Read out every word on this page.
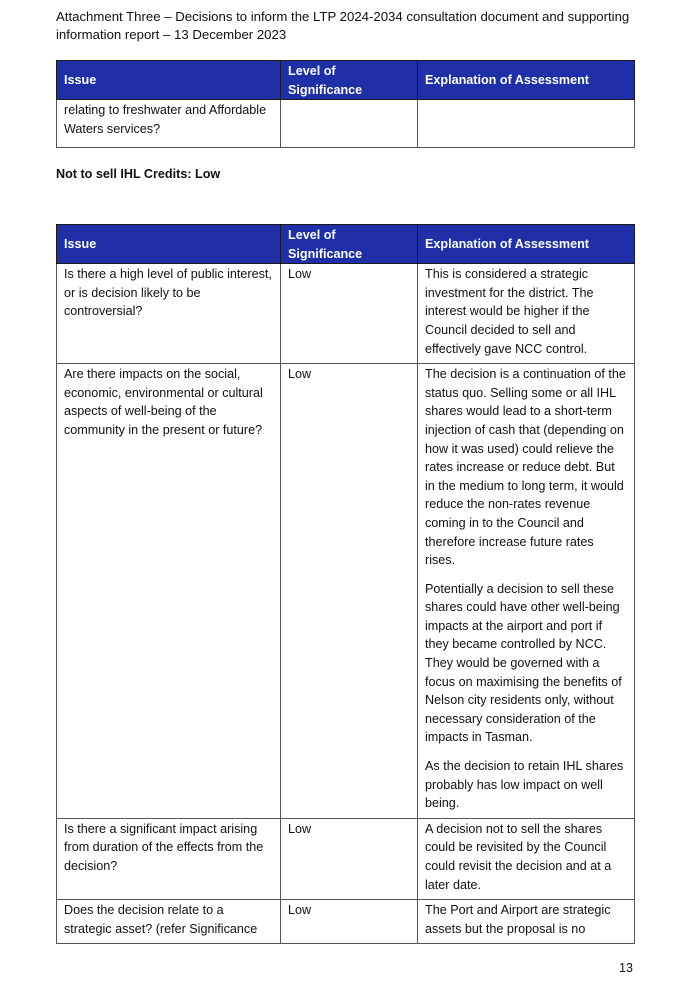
Attachment Three – Decisions to inform the LTP 2024-2034 consultation document and supporting information report – 13 December 2023
Issue	Level of Significance	Explanation of Assessment
relating to freshwater and Affordable Waters services?		
Not to sell IHL Credits: Low
Issue	Level of Significance	Explanation of Assessment
Is there a high level of public interest, or is decision likely to be controversial?	Low	This is considered a strategic investment for the district. The interest would be higher if the Council decided to sell and effectively gave NCC control.

Are there impacts on the social, economic, environmental or cultural aspects of well-being of the community in the present or future?	Low	The decision is a continuation of the status quo. Selling some or all IHL shares would lead to a short-term injection of cash that (depending on how it was used) could relieve the rates increase or reduce debt. But in the medium to long term, it would reduce the non-rates revenue coming in to the Council and therefore increase future rates rises.

Potentially a decision to sell these shares could have other well-being impacts at the airport and port if they became controlled by NCC. They would be governed with a focus on maximising the benefits of Nelson city residents only, without necessary consideration of the impacts in Tasman.

As the decision to retain IHL shares probably has low impact on well being.

Is there a significant impact arising from duration of the effects from the decision?	Low	A decision not to sell the shares could be revisited by the Council could revisit the decision and at a later date.

Does the decision relate to a strategic asset? (refer Significance	Low	The Port and Airport are strategic assets but the proposal is no

13
